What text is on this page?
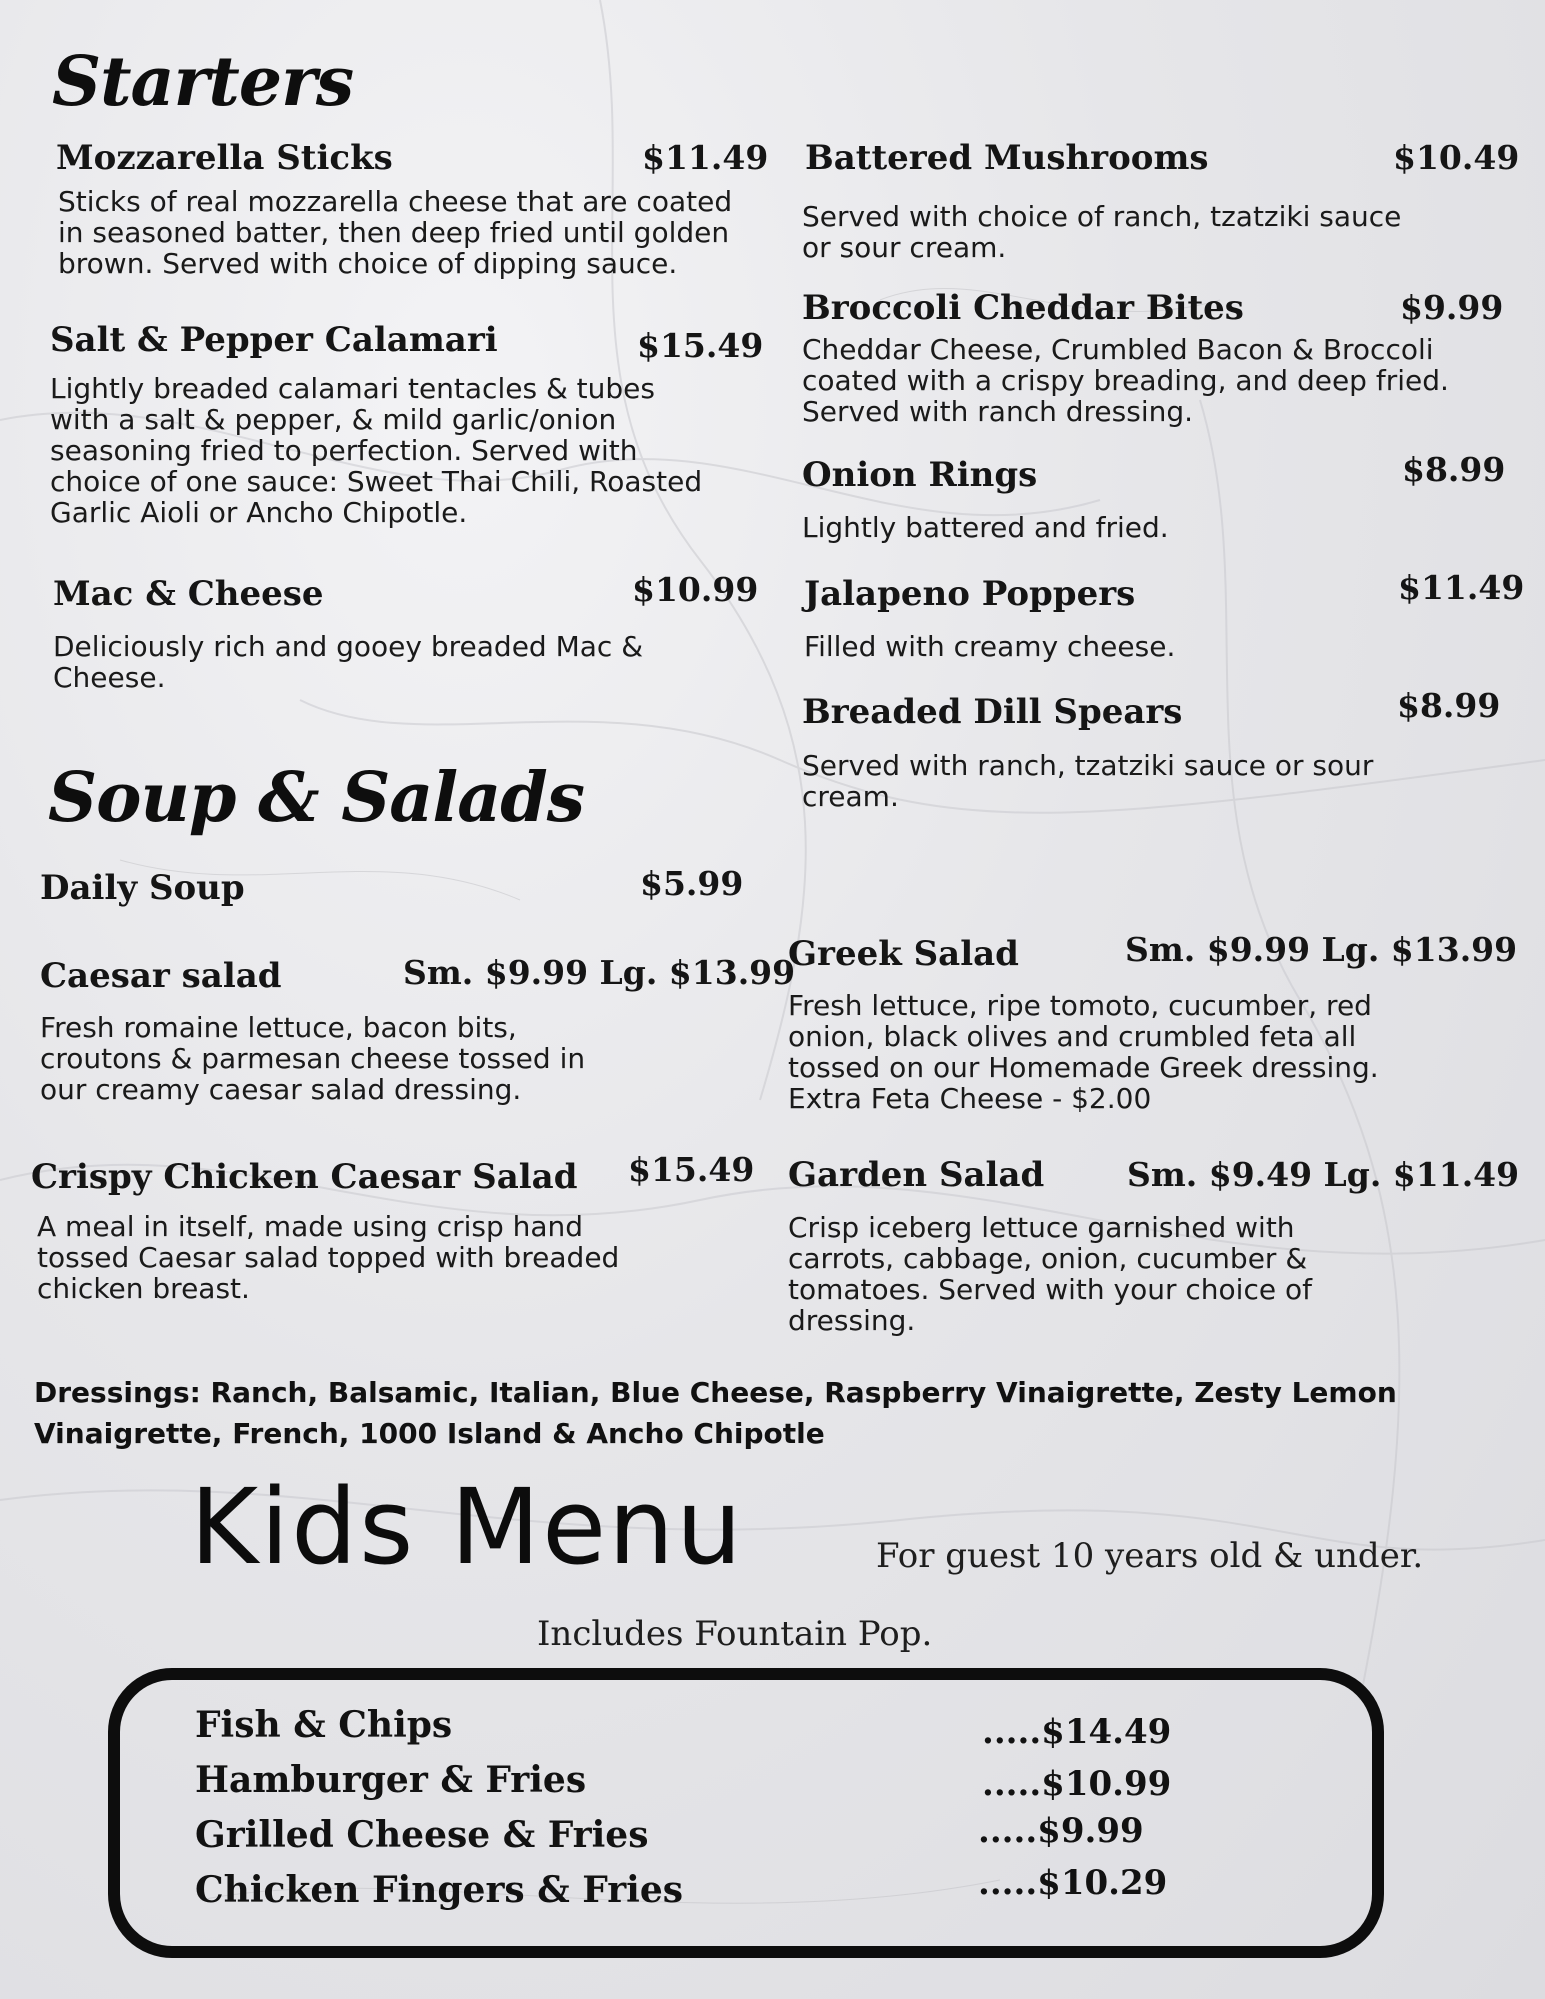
Starters
Mozzarella Sticks	$11.49

Sticks of real mozzarella cheese that are coated in seasoned batter, then deep fried until golden brown. Served with choice of dipping sauce.

Salt & Pepper Calamari	$15.49

Lightly breaded calamari tentacles & tubes with a salt & pepper, & mild garlic/onion seasoning fried to perfection. Served with choice of one sauce: Sweet Thai Chili, Roasted Garlic Aioli or Ancho Chipotle.

Mac & Cheese	$10.99

Deliciously rich and gooey breaded Mac & Cheese.

Battered Mushrooms	$10.49

Served with choice of ranch, tzatziki sauce or sour cream.

Broccoli Cheddar Bites	$9.99

Cheddar Cheese, Crumbled Bacon & Broccoli coated with a crispy breading, and deep fried. Served with ranch dressing.

Onion Rings	$8.99

Lightly battered and fried.

Jalapeno Poppers	$11.49

Filled with creamy cheese.

Breaded Dill Spears	$8.99

Served with ranch, tzatziki sauce or sour cream.

Soup & Salads
Daily Soup	$5.99
Caesar salad	Sm. $9.99 Lg. $13.99

Fresh romaine lettuce, bacon bits, croutons & parmesan cheese tossed in our creamy caesar salad dressing.

Crispy Chicken Caesar Salad $15.49

A meal in itself, made using crisp hand tossed Caesar salad topped with breaded chicken breast.

Greek Salad	Sm. $9.99 Lg. $13.99

Fresh lettuce, ripe tomoto, cucumber, red onion, black olives and crumbled feta all tossed on our Homemade Greek dressing. Extra Feta Cheese - $2.00

Garden Salad	Sm. $9.49 Lg. $11.49

Crisp iceberg lettuce garnished with carrots, cabbage, onion, cucumber & tomatoes. Served with your choice of dressing.

Dressings: Ranch, Balsamic, Italian, Blue Cheese, Raspberry Vinaigrette, Zesty Lemon
Vinaigrette, French, 1000 Island & Ancho Chipotle
Kids Menu	For guest 10 years old & under.
Includes Fountain Pop.
Fish & Chips	.....$14.49
Hamburger & Fries	.....$10.99
Grilled Cheese & Fries	.....$9.99
Chicken Fingers & Fries	.....$10.29
